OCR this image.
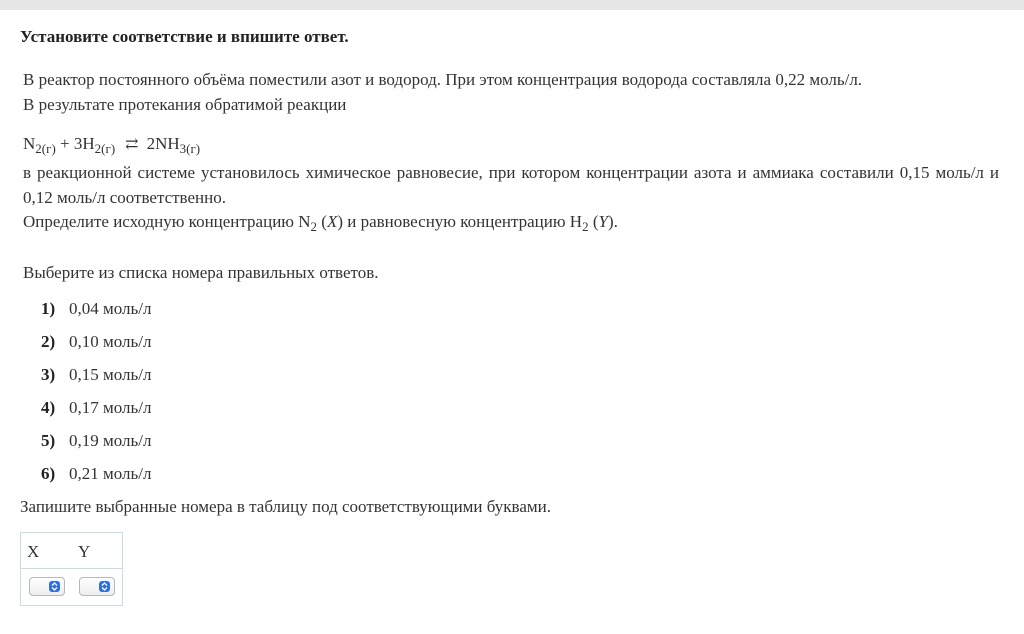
Установите соответствие и впишите ответ.
В реактор постоянного объёма поместили азот и водород. При этом концентрация водорода составляла 0,22 моль/л.
В результате протекания обратимой реакции
$N_{2(г)} + 3H_{2(г)}$ ⇄ $2NH_{3(г)}$
в реакционной системе установилось химическое равновесие, при котором концентрации азота и аммиака составили 0,15 моль/л и 0,12 моль/л соответственно.
Определите исходную концентрацию $N_2$ (X) и равновесную концентрацию $H_2$ (Y).
Выберите из списка номера правильных ответов.
1) 0,04 моль/л
2) 0,10 моль/л
3) 0,15 моль/л
4) 0,17 моль/л
5) 0,19 моль/л
6) 0,21 моль/л
Запишите выбранные номера в таблицу под соответствующими буквами.
X Y
